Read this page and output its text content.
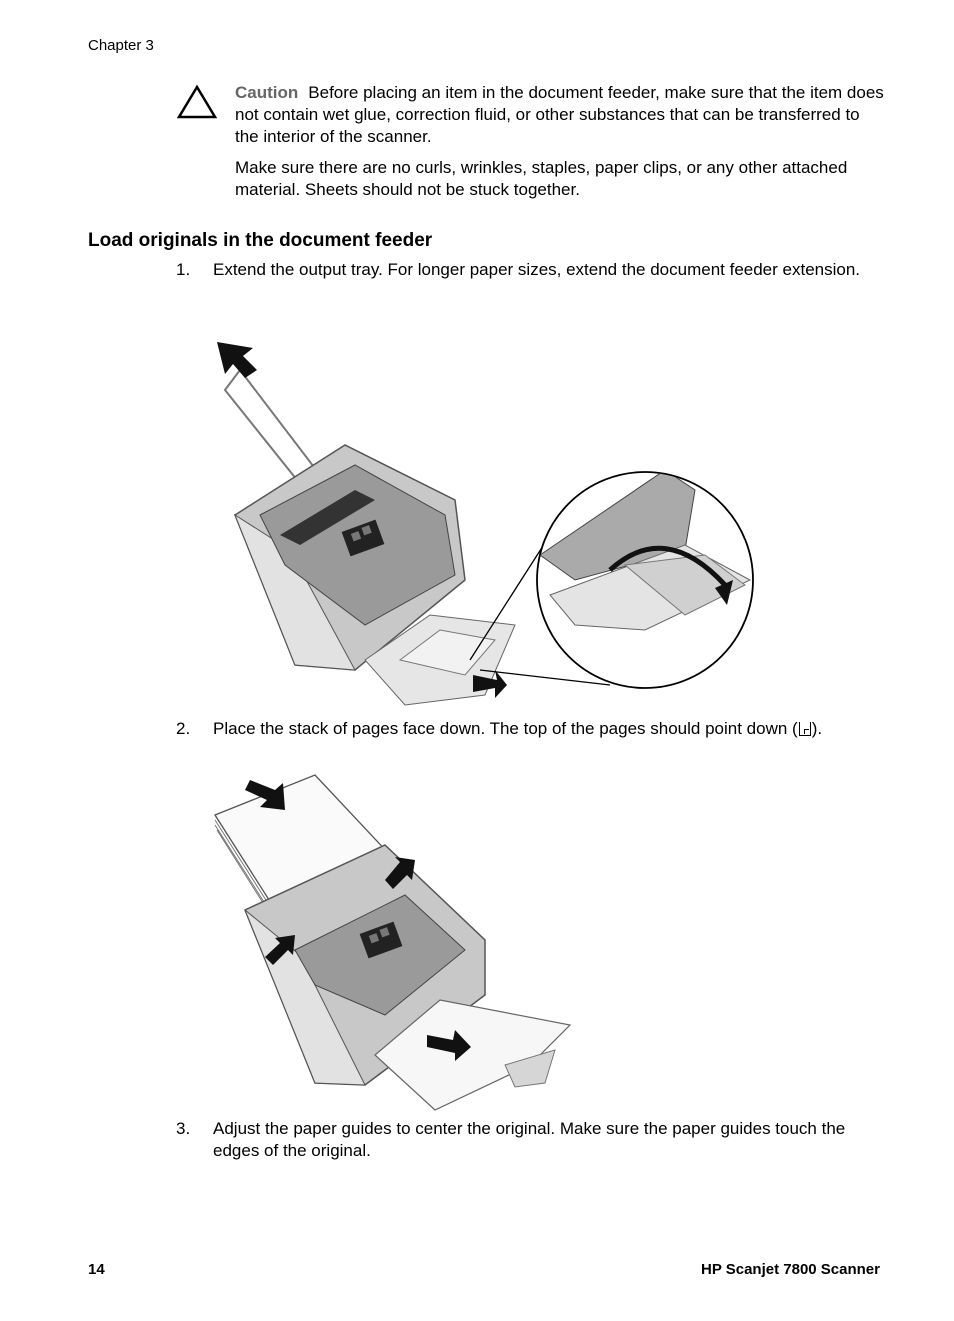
Chapter 3

Caution Before placing an item in the document feeder, make sure that the item does not contain wet glue, correction fluid, or other substances that can be transferred to the interior of the scanner.

Make sure there are no curls, wrinkles, staples, paper clips, or any other attached material. Sheets should not be stuck together.

Load originals in the document feeder
1.	Extend the output tray. For longer paper sizes, extend the document feeder extension.
2.	Place the stack of pages face down. The top of the pages should point down ( ).
3.	Adjust the paper guides to center the original. Make sure the paper guides touch the edges of the original.
14	HP Scanjet 7800 Scanner
